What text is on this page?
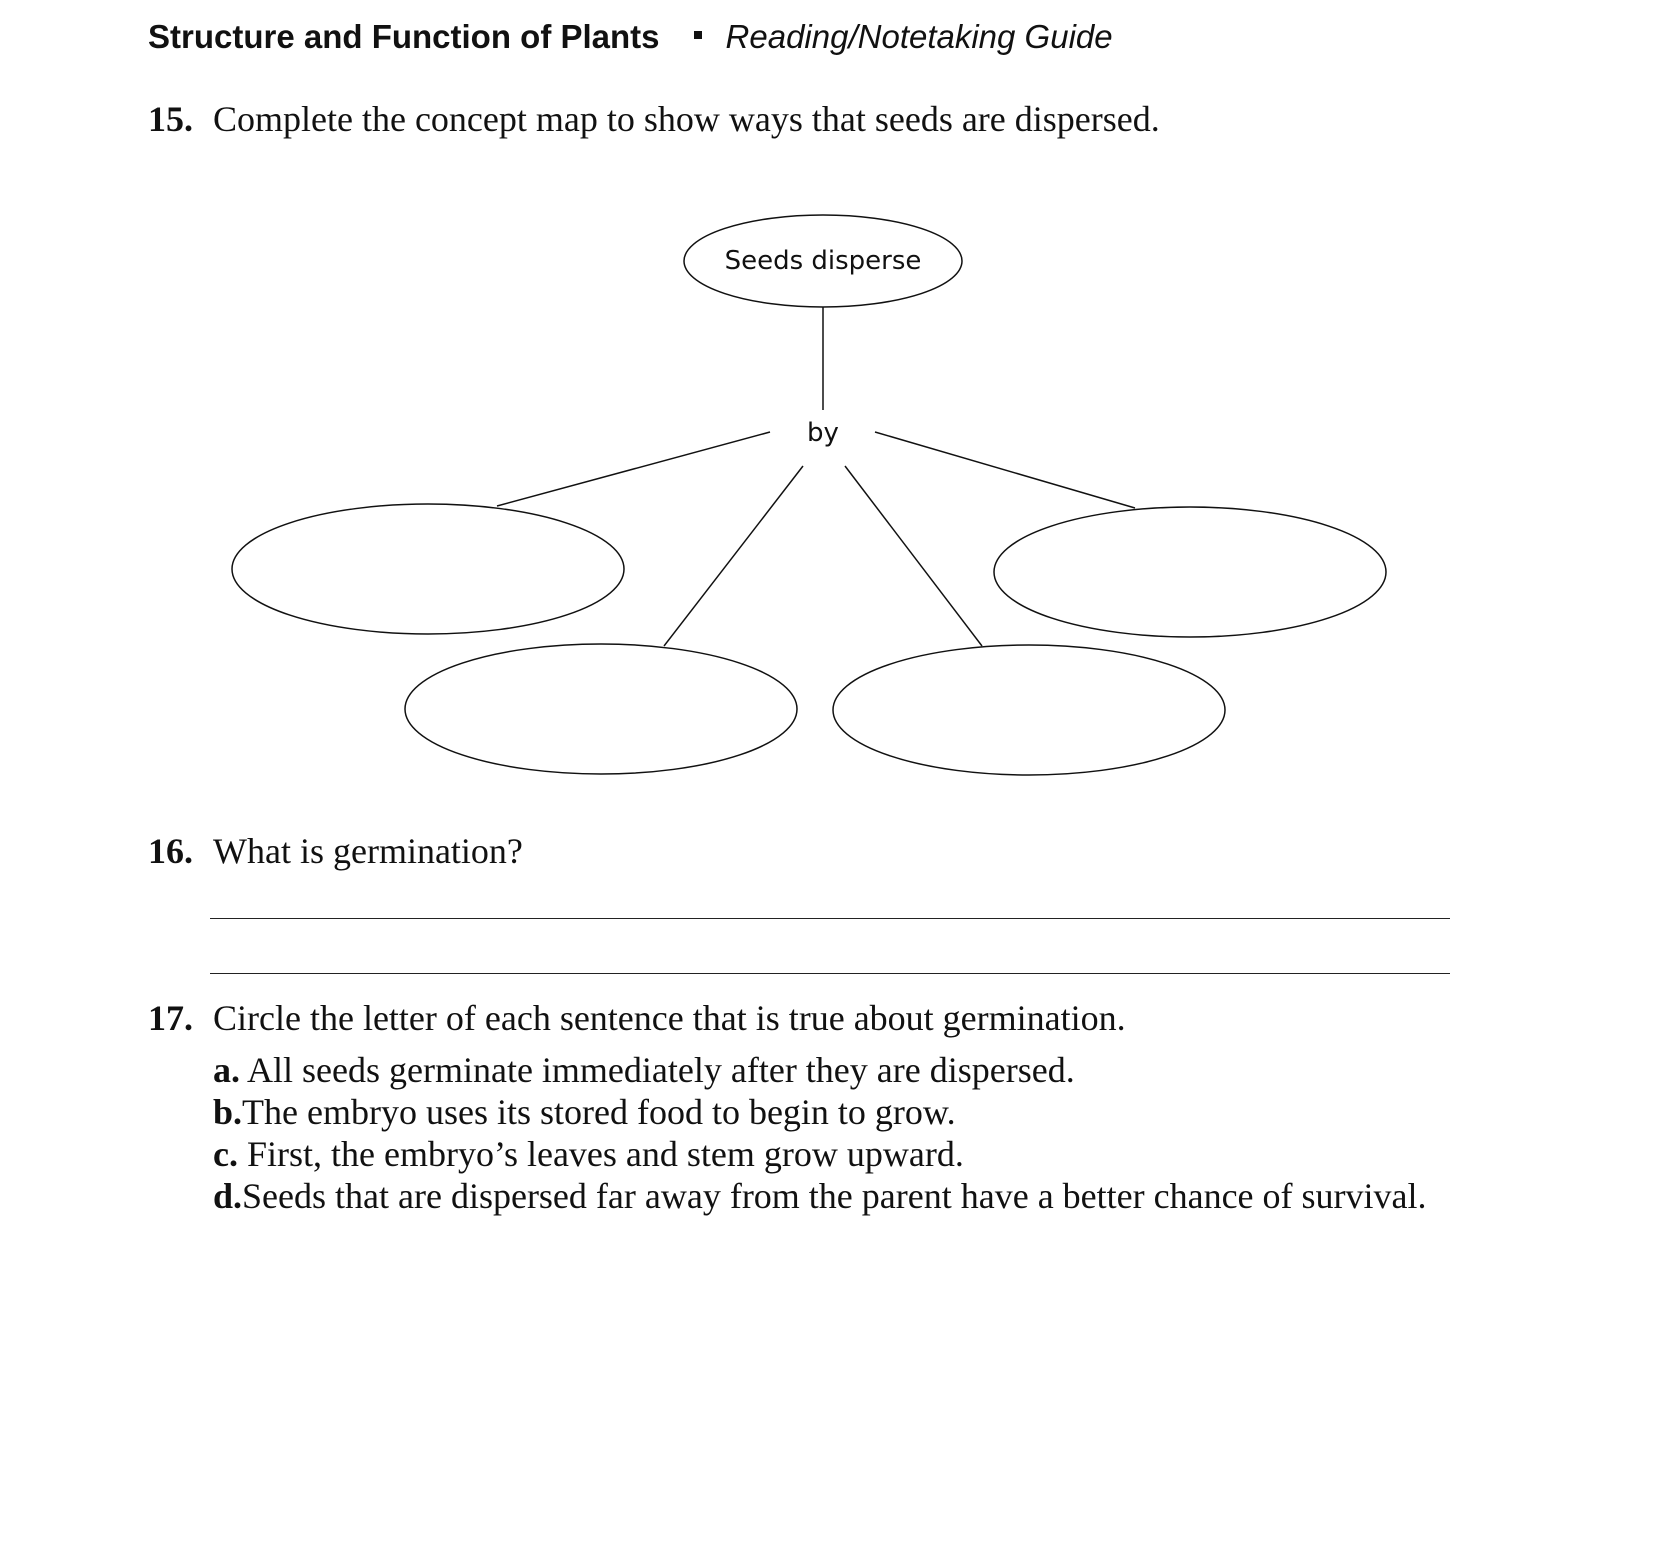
Structure and Function of Plants Reading/Notetaking Guide
15. Complete the concept map to show ways that seeds are dispersed.
Seeds disperse
by
16. What is germination?
17. Circle the letter of each sentence that is true about germination.
a. All seeds germinate immediately after they are dispersed.
b.The embryo uses its stored food to begin to grow.
c. First, the embryo’s leaves and stem grow upward.
d.Seeds that are dispersed far away from the parent have a better chance of survival.
